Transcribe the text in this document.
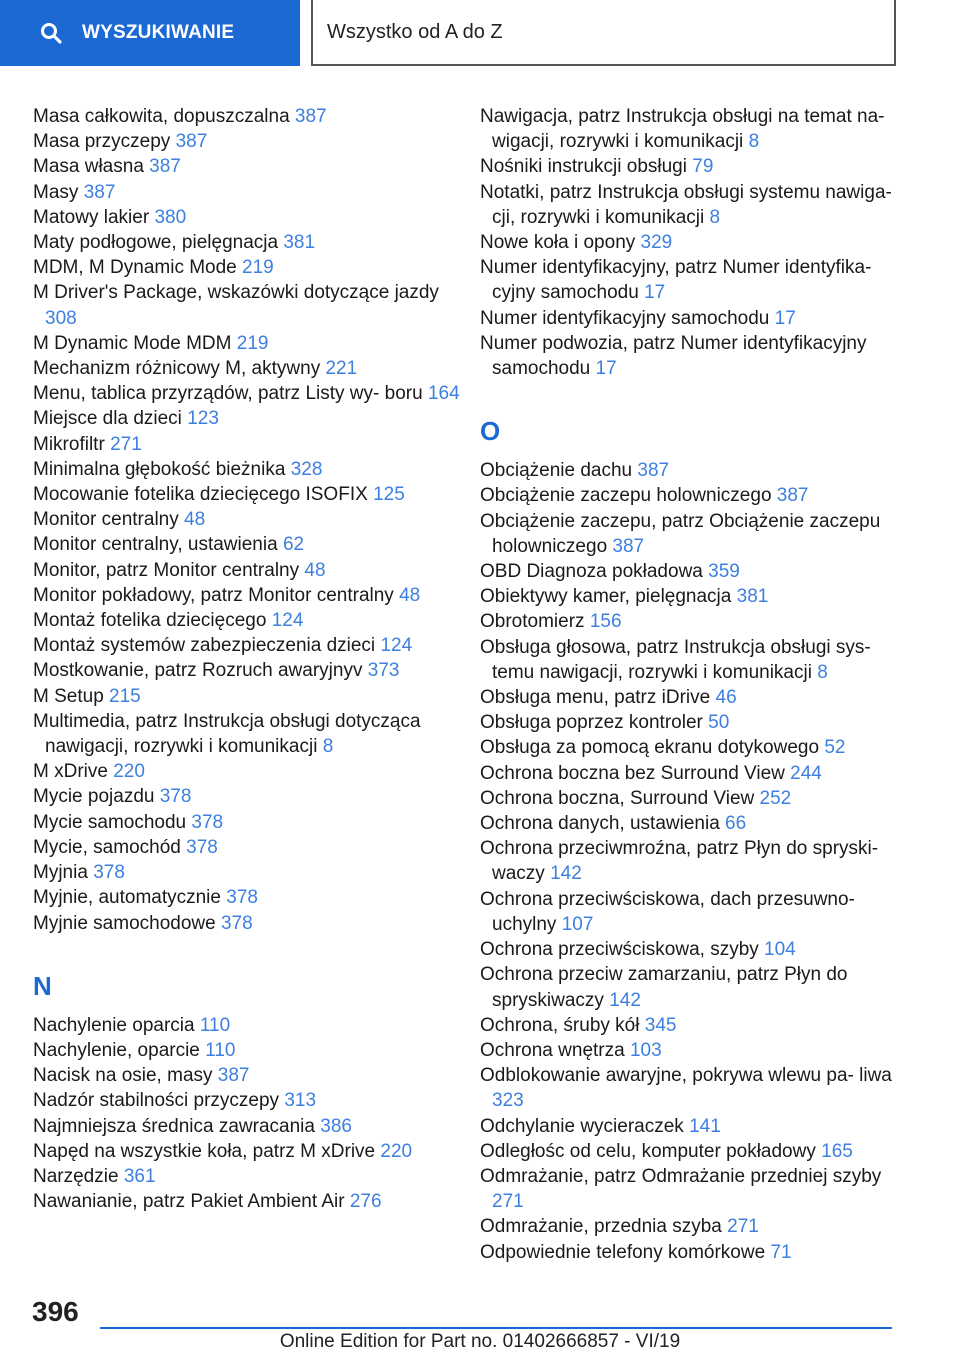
WYSZUKIWANIE	Wszystko od A do Z
Masa całkowita, dopuszczalna 387
Masa przyczepy 387
Masa własna 387
Masy 387
Matowy lakier 380
Maty podłogowe, pielęgnacja 381
MDM, M Dynamic Mode 219
M Driver's Package, wskazówki dotyczące jazdy 308
M Dynamic Mode MDM 219
Mechanizm różnicowy M, aktywny 221
Menu, tablica przyrządów, patrz Listy wy‐ boru 164
Miejsce dla dzieci 123
Mikrofiltr 271
Minimalna głębokość bieżnika 328
Mocowanie fotelika dziecięcego ISOFIX 125
Monitor centralny 48
Monitor centralny, ustawienia 62
Monitor, patrz Monitor centralny 48
Monitor pokładowy, patrz Monitor centralny 48
Montaż fotelika dziecięcego 124
Montaż systemów zabezpieczenia dzieci 124
Mostkowanie, patrz Rozruch awaryjnyv 373
M Setup 215
Multimedia, patrz Instrukcja obsługi dotycząca nawigacji, rozrywki i komunikacji 8
M xDrive 220
Mycie pojazdu 378
Mycie samochodu 378
Mycie, samochód 378
Myjnia 378
Myjnie, automatycznie 378
Myjnie samochodowe 378
N
Nachylenie oparcia 110
Nachylenie, oparcie 110
Nacisk na osie, masy 387
Nadzór stabilności przyczepy 313
Najmniejsza średnica zawracania 386
Napęd na wszystkie koła, patrz M xDrive 220
Narzędzie 361
Nawanianie, patrz Pakiet Ambient Air 276
Nawigacja, patrz Instrukcja obsługi na temat na‐ wigacji, rozrywki i komunikacji 8
Nośniki instrukcji obsługi 79
Notatki, patrz Instrukcja obsługi systemu nawiga‐ cji, rozrywki i komunikacji 8
Nowe koła i opony 329
Numer identyfikacyjny, patrz Numer identyfika‐ cyjny samochodu 17
Numer identyfikacyjny samochodu 17
Numer podwozia, patrz Numer identyfikacyjny samochodu 17
O
Obciążenie dachu 387
Obciążenie zaczepu holowniczego 387
Obciążenie zaczepu, patrz Obciążenie zaczepu holowniczego 387
OBD Diagnoza pokładowa 359
Obiektywy kamer, pielęgnacja 381
Obrotomierz 156
Obsługa głosowa, patrz Instrukcja obsługi sys‐ temu nawigacji, rozrywki i komunikacji 8
Obsługa menu, patrz iDrive 46
Obsługa poprzez kontroler 50
Obsługa za pomocą ekranu dotykowego 52
Ochrona boczna bez Surround View 244
Ochrona boczna, Surround View 252
Ochrona danych, ustawienia 66
Ochrona przeciwmroźna, patrz Płyn do spryski‐ waczy 142
Ochrona przeciwściskowa, dach przesuwno‐ uchylny 107
Ochrona przeciwściskowa, szyby 104
Ochrona przeciw zamarzaniu, patrz Płyn do spryskiwaczy 142
Ochrona, śruby kół 345
Ochrona wnętrza 103
Odblokowanie awaryjne, pokrywa wlewu pa‐ liwa 323
Odchylanie wycieraczek 141
Odległośc od celu, komputer pokładowy 165
Odmrażanie, patrz Odmrażanie przedniej szyby 271
Odmrażanie, przednia szyba 271
Odpowiednie telefony komórkowe 71
396
Online Edition for Part no. 01402666857 - VI/19
